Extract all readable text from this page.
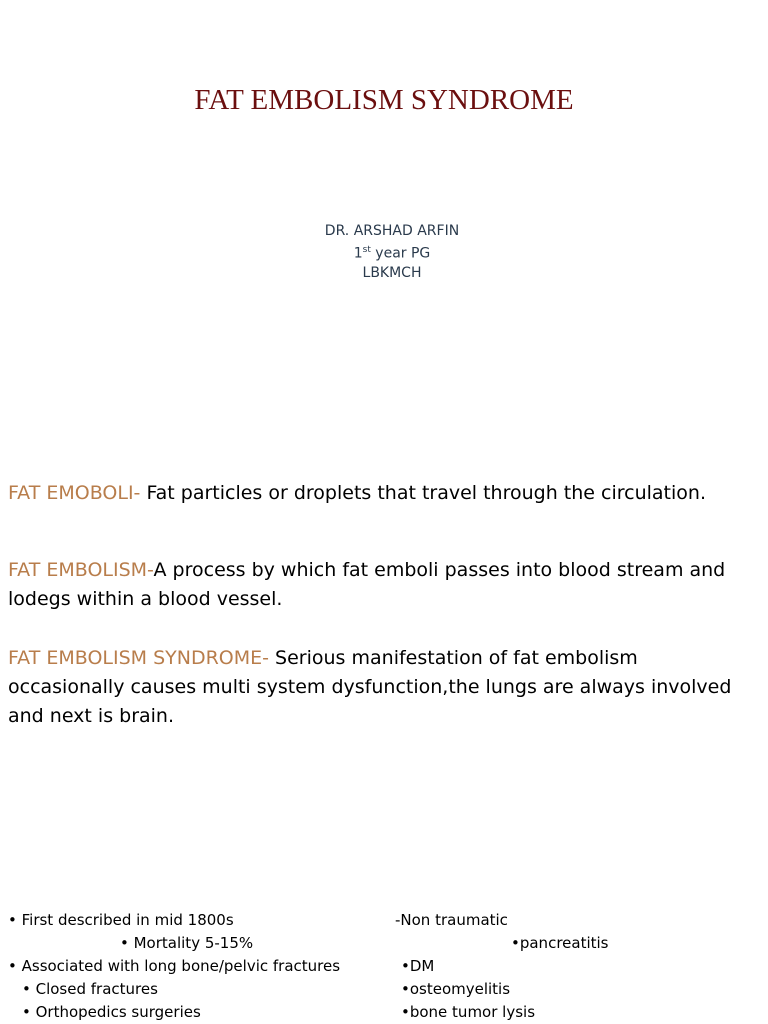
FAT EMBOLISM SYNDROME
DR. ARSHAD ARFIN
1st year PG
LBKMCH
FAT EMOBOLI- Fat particles or droplets that travel through the circulation.
FAT EMBOLISM-A process by which fat emboli passes into blood stream and lodegs within a blood vessel.
FAT EMBOLISM SYNDROME- Serious manifestation of fat embolism occasionally causes multi system dysfunction,the lungs are always involved and next is brain.
• First described in mid 1800s
• Mortality 5-15%
• Associated with long bone/pelvic fractures
• Closed fractures
• Orthopedics surgeries
-Non traumatic
•pancreatitis
•DM
•osteomyelitis
•bone tumor lysis
